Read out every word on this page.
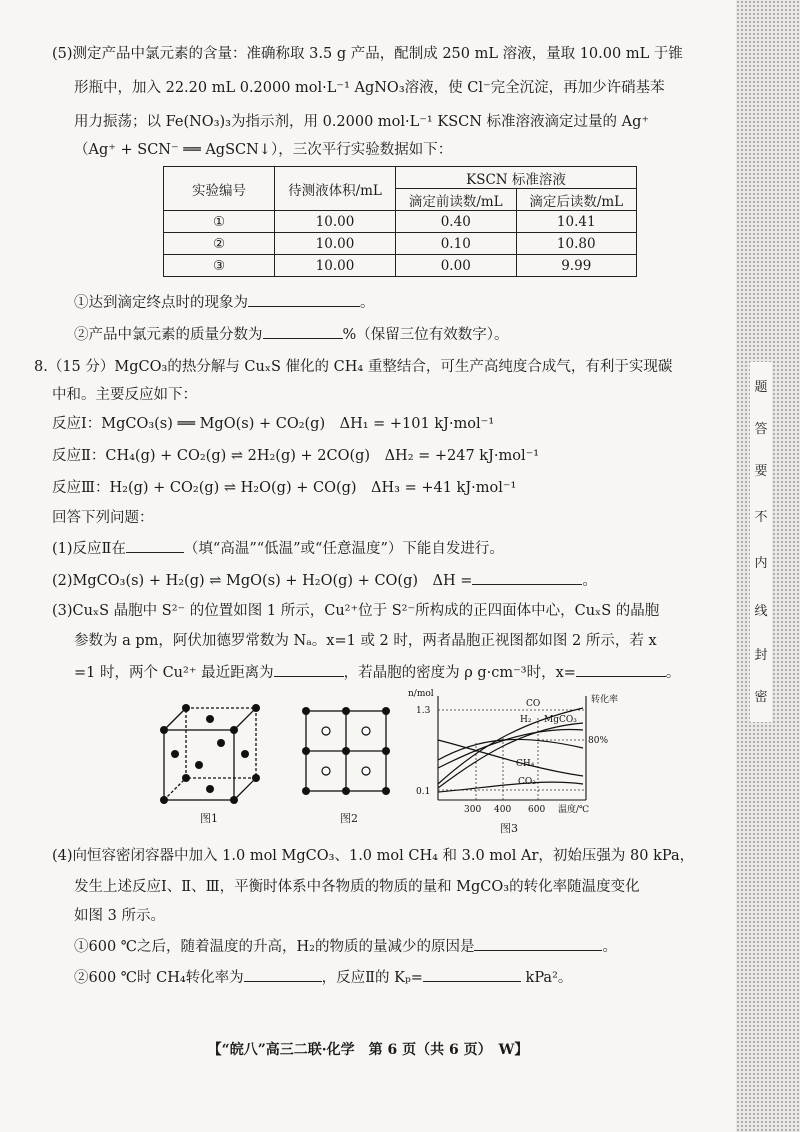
题
答
要
不
内
线
封
密
(5)测定产品中氯元素的含量：准确称取 3.5 g 产品，配制成 250 mL 溶液，量取 10.00 mL 于锥
形瓶中，加入 22.20 mL 0.2000 mol·L⁻¹ AgNO₃溶液，使 Cl⁻完全沉淀，再加少许硝基苯
用力振荡；以 Fe(NO₃)₃为指示剂，用 0.2000 mol·L⁻¹ KSCN 标准溶液滴定过量的 Ag⁺
（Ag⁺ + SCN⁻ ══ AgSCN↓），三次平行实验数据如下：
实验编号	待测液体积/mL	KSCN 标准溶液	
		滴定前读数/mL	滴定后读数/mL
①	10.00	0.40	10.41
②	10.00	0.10	10.80
③	10.00	0.00	9.99
①达到滴定终点时的现象为	。
②产品中氯元素的质量分数为	%（保留三位有效数字）。
8.（15 分）MgCO₃的热分解与 CuₓS 催化的 CH₄ 重整结合，可生产高纯度合成气，有利于实现碳
中和。主要反应如下：
反应Ⅰ：MgCO₃(s) ══ MgO(s) + CO₂(g)　ΔH₁ = +101 kJ·mol⁻¹
反应Ⅱ：CH₄(g) + CO₂(g) ⇌ 2H₂(g) + 2CO(g)　ΔH₂ = +247 kJ·mol⁻¹
反应Ⅲ：H₂(g) + CO₂(g) ⇌ H₂O(g) + CO(g)　ΔH₃ = +41 kJ·mol⁻¹
回答下列问题：
(1)反应Ⅱ在	（填“高温”“低温”或“任意温度”）下能自发进行。
(2)MgCO₃(s) + H₂(g) ⇌ MgO(s) + H₂O(g) + CO(g)　ΔH =	。
(3)CuₓS 晶胞中 S²⁻ 的位置如图 1 所示，Cu²⁺位于 S²⁻所构成的正四面体中心，CuₓS 的晶胞
参数为 a pm，阿伏加德罗常数为 Nₐ。x=1 或 2 时，两者晶胞正视图都如图 2 所示，若 x
=1 时，两个 Cu²⁺ 最近距离为	，若晶胞的密度为 ρ g·cm⁻³时，x=	。
图1	图2
n/mol
转化率
1.3
0.1
300 400 600 温度/℃
80%
CO
H₂ MgCO₃
CH₄
CO₂
图3
(4)向恒容密闭容器中加入 1.0 mol MgCO₃、1.0 mol CH₄ 和 3.0 mol Ar，初始压强为 80 kPa，
发生上述反应Ⅰ、Ⅱ、Ⅲ，平衡时体系中各物质的物质的量和 MgCO₃的转化率随温度变化
如图 3 所示。
①600 ℃之后，随着温度的升高，H₂的物质的量减少的原因是	。
②600 ℃时 CH₄转化率为	，反应Ⅱ的 Kₚ=	kPa²。
【“皖八”高三二联·化学　第 6 页（共 6 页）　W】
